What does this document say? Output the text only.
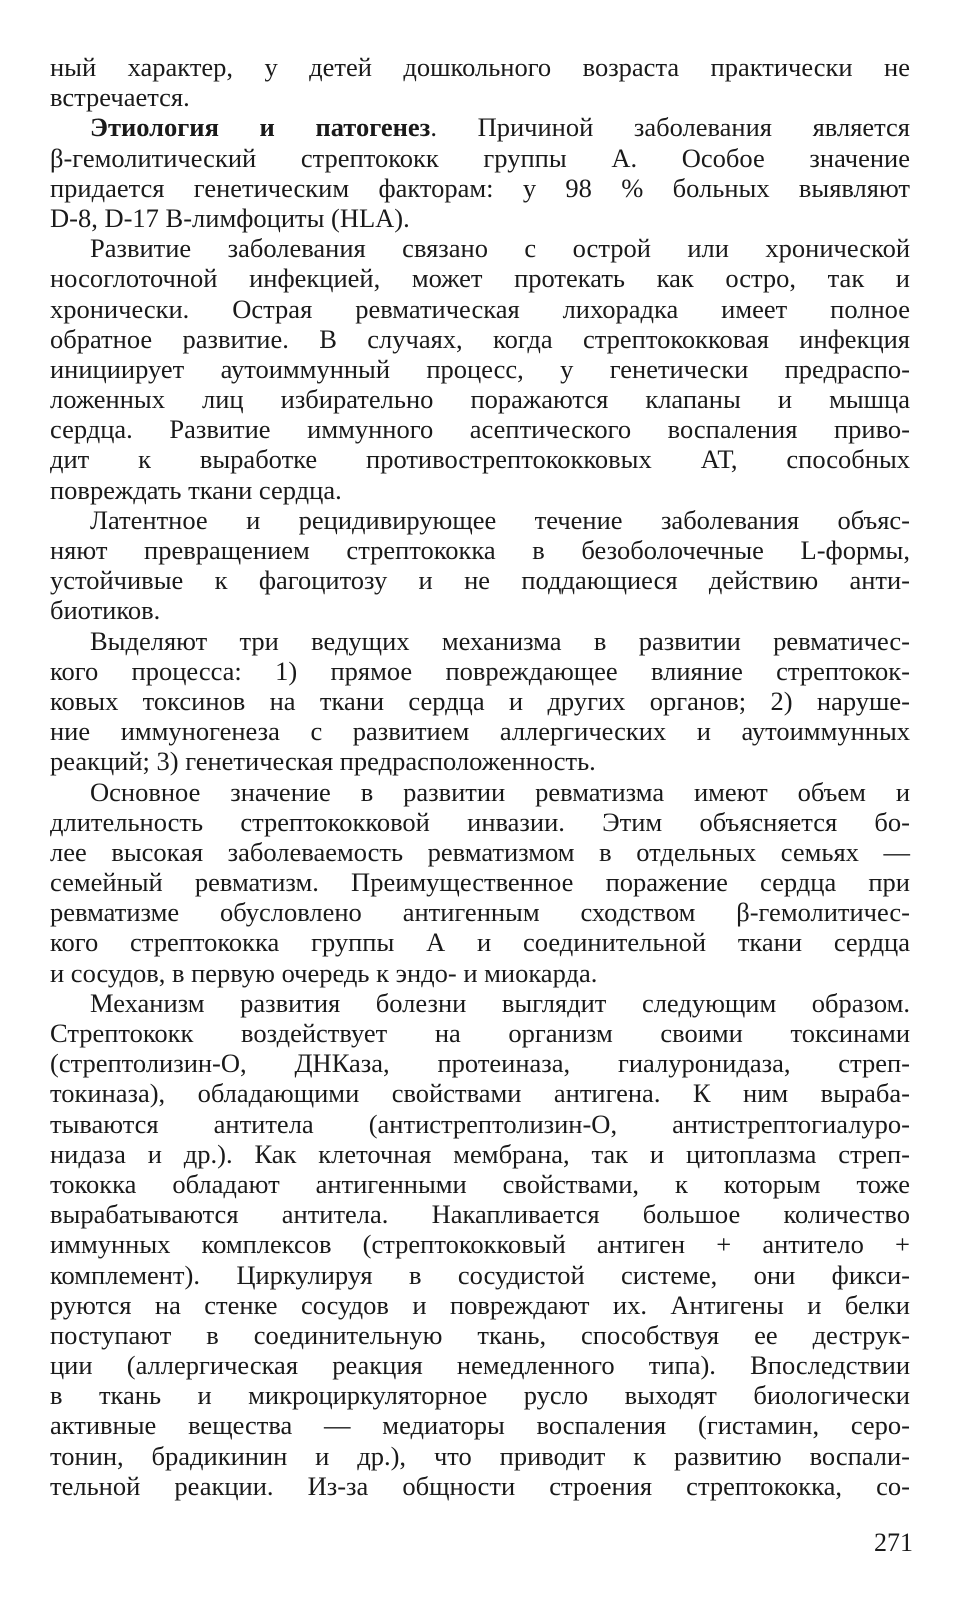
ный характер, у детей дошкольного возраста практически не
встречается.
Этиология и патогенез. Причиной заболевания является
β-гемолитический стрептококк группы А. Особое значение
придается генетическим факторам: у 98 % больных выявляют
D-8, D-17 В-лимфоциты (HLA).
Развитие заболевания связано с острой или хронической
носоглоточной инфекцией, может протекать как остро, так и
хронически. Острая ревматическая лихорадка имеет полное
обратное развитие. В случаях, когда стрептококковая инфекция
инициирует аутоиммунный процесс, у генетически предраспо-
ложенных лиц избирательно поражаются клапаны и мышца
сердца. Развитие иммунного асептического воспаления приво-
дит к выработке противострептококковых АТ, способных
повреждать ткани сердца.
Латентное и рецидивирующее течение заболевания объяс-
няют превращением стрептококка в безоболочечные L-формы,
устойчивые к фагоцитозу и не поддающиеся действию анти-
биотиков.
Выделяют три ведущих механизма в развитии ревматичес-
кого процесса: 1) прямое повреждающее влияние стрептокок-
ковых токсинов на ткани сердца и других органов; 2) наруше-
ние иммуногенеза с развитием аллергических и аутоиммунных
реакций; 3) генетическая предрасположенность.
Основное значение в развитии ревматизма имеют объем и
длительность стрептококковой инвазии. Этим объясняется бо-
лее высокая заболеваемость ревматизмом в отдельных семьях —
семейный ревматизм. Преимущественное поражение сердца при
ревматизме обусловлено антигенным сходством β-гемолитичес-
кого стрептококка группы А и соединительной ткани сердца
и сосудов, в первую очередь к эндо- и миокарда.
Механизм развития болезни выглядит следующим образом.
Стрептококк воздействует на организм своими токсинами
(стрептолизин-О, ДНКаза, протеиназа, гиалуронидаза, стреп-
токиназа), обладающими свойствами антигена. К ним выраба-
тываются антитела (антистрептолизин-О, антистрептогиалуро-
нидаза и др.). Как клеточная мембрана, так и цитоплазма стреп-
тококка обладают антигенными свойствами, к которым тоже
вырабатываются антитела. Накапливается большое количество
иммунных комплексов (стрептококковый антиген + антитело +
комплемент). Циркулируя в сосудистой системе, они фикси-
руются на стенке сосудов и повреждают их. Антигены и белки
поступают в соединительную ткань, способствуя ее деструк-
ции (аллергическая реакция немедленного типа). Впоследствии
в ткань и микроциркуляторное русло выходят биологически
активные вещества — медиаторы воспаления (гистамин, серо-
тонин, брадикинин и др.), что приводит к развитию воспали-
тельной реакции. Из-за общности строения стрептококка, со-
271
